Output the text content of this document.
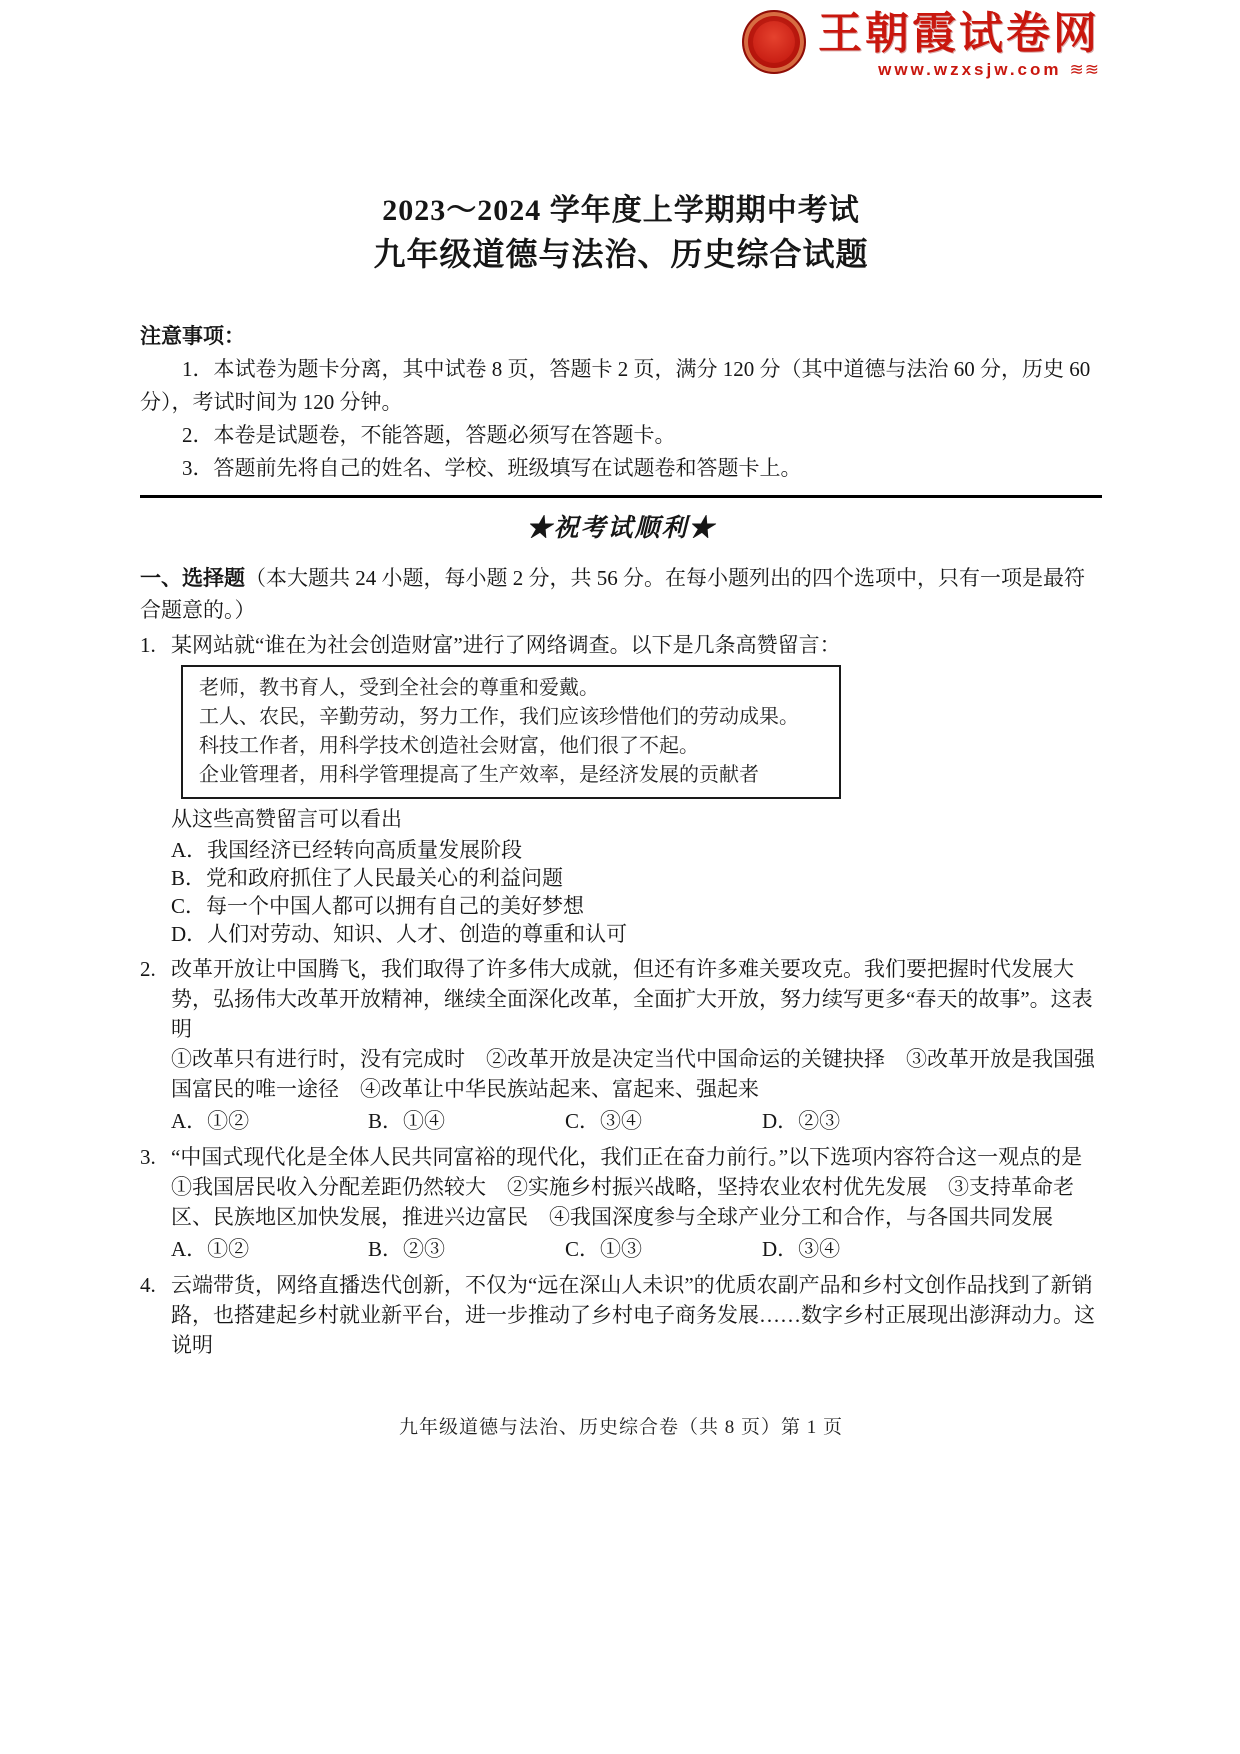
王朝霞试卷网
www.wzxsjw.com ≋≋
2023～2024 学年度上学期期中考试
九年级道德与法治、历史综合试题
注意事项：
1．本试卷为题卡分离，其中试卷 8 页，答题卡 2 页，满分 120 分（其中道德与法治 60 分，历史 60 分），考试时间为 120 分钟。
2．本卷是试题卷，不能答题，答题必须写在答题卡。
3．答题前先将自己的姓名、学校、班级填写在试题卷和答题卡上。
★祝考试顺利★
一、选择题（本大题共 24 小题，每小题 2 分，共 56 分。在每小题列出的四个选项中，只有一项是最符合题意的。）
1. 某网站就“谁在为社会创造财富”进行了网络调查。以下是几条高赞留言：
老师，教书育人，受到全社会的尊重和爱戴。
工人、农民，辛勤劳动，努力工作，我们应该珍惜他们的劳动成果。
科技工作者，用科学技术创造社会财富，他们很了不起。
企业管理者，用科学管理提高了生产效率，是经济发展的贡献者
从这些高赞留言可以看出
A．我国经济已经转向高质量发展阶段
B．党和政府抓住了人民最关心的利益问题
C．每一个中国人都可以拥有自己的美好梦想
D．人们对劳动、知识、人才、创造的尊重和认可
2. 改革开放让中国腾飞，我们取得了许多伟大成就，但还有许多难关要攻克。我们要把握时代发展大势，弘扬伟大改革开放精神，继续全面深化改革，全面扩大开放，努力续写更多“春天的故事”。这表明
①改革只有进行时，没有完成时　②改革开放是决定当代中国命运的关键抉择　③改革开放是我国强国富民的唯一途径　④改革让中华民族站起来、富起来、强起来
A．①②	B．①④	C．③④	D．②③
3. “中国式现代化是全体人民共同富裕的现代化，我们正在奋力前行。”以下选项内容符合这一观点的是
①我国居民收入分配差距仍然较大　②实施乡村振兴战略，坚持农业农村优先发展　③支持革命老区、民族地区加快发展，推进兴边富民　④我国深度参与全球产业分工和合作，与各国共同发展
A．①②	B．②③	C．①③	D．③④
4. 云端带货，网络直播迭代创新，不仅为“远在深山人未识”的优质农副产品和乡村文创作品找到了新销路，也搭建起乡村就业新平台，进一步推动了乡村电子商务发展……数字乡村正展现出澎湃动力。这说明
九年级道德与法治、历史综合卷（共 8 页）第 1 页
